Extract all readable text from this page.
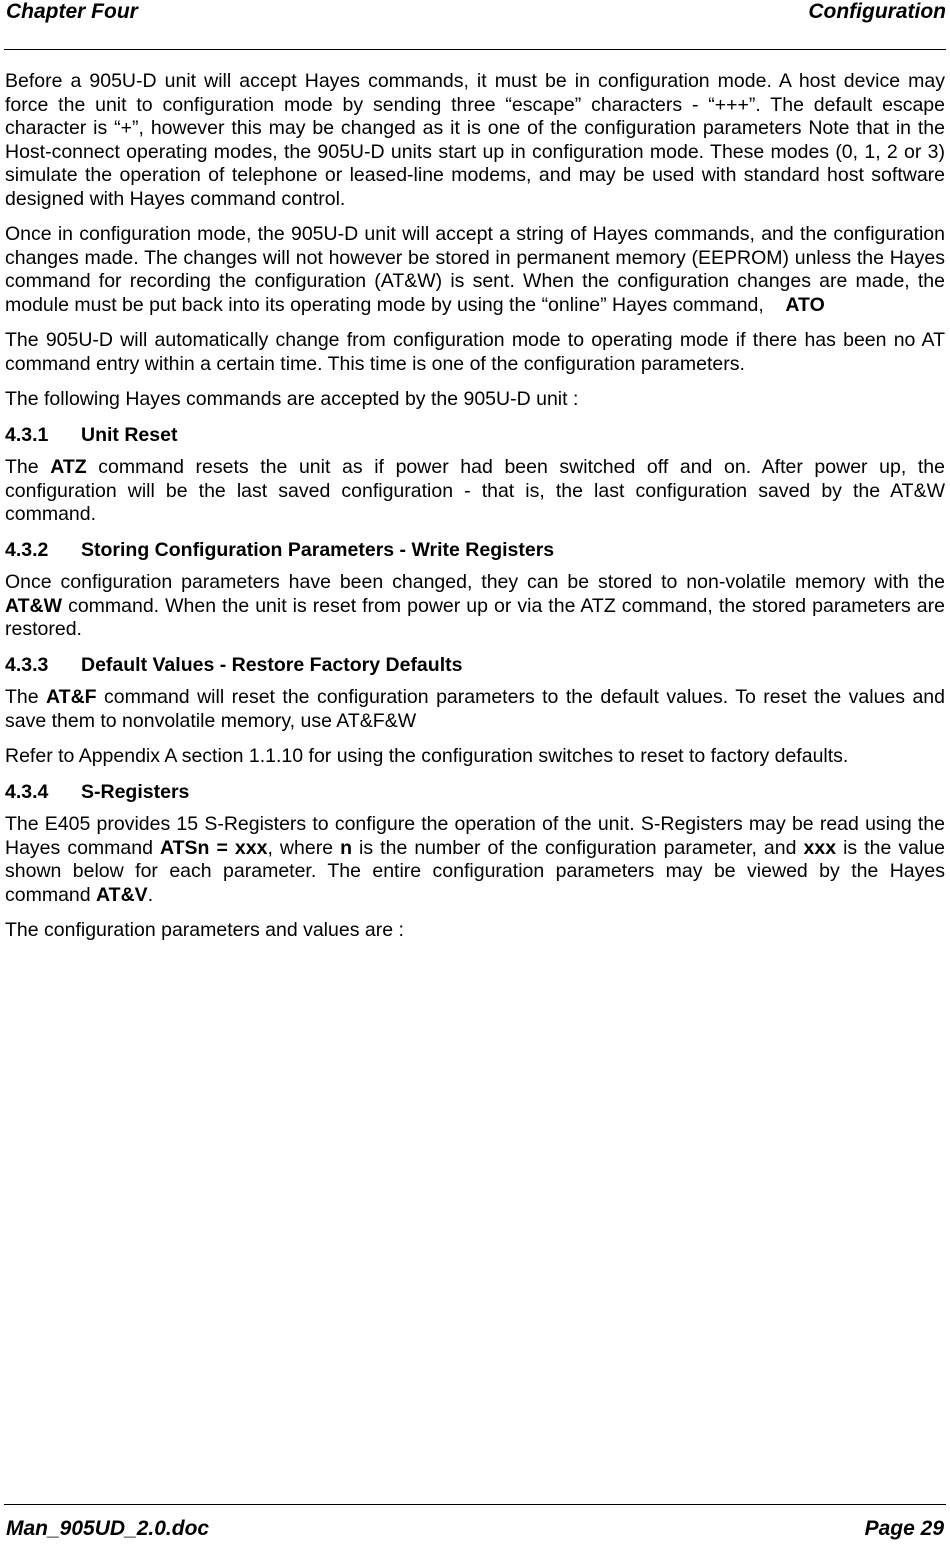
Chapter Four	Configuration

Before a 905U-D unit will accept Hayes commands, it must be in configuration mode. A host device may force the unit to configuration mode by sending three “escape” characters - “+++”. The default escape character is “+”, however this may be changed as it is one of the configuration parameters Note that in the Host-connect operating modes, the 905U-D units start up in configuration mode. These modes (0, 1, 2 or 3) simulate the operation of telephone or leased-line modems, and may be used with standard host software designed with Hayes command control.

Once in configuration mode, the 905U-D unit will accept a string of Hayes commands, and the configuration changes made. The changes will not however be stored in permanent memory (EEPROM) unless the Hayes command for recording the configuration (AT&W) is sent. When the configuration changes are made, the module must be put back into its operating mode by using the “online” Hayes command, ATO

The 905U-D will automatically change from configuration mode to operating mode if there has been no AT command entry within a certain time. This time is one of the configuration parameters.

The following Hayes commands are accepted by the 905U-D unit :

4.3.1 Unit Reset

The ATZ command resets the unit as if power had been switched off and on. After power up, the configuration will be the last saved configuration - that is, the last configuration saved by the AT&W command.

4.3.2 Storing Configuration Parameters - Write Registers

Once configuration parameters have been changed, they can be stored to non-volatile memory with the AT&W command. When the unit is reset from power up or via the ATZ command, the stored parameters are restored.

4.3.3 Default Values - Restore Factory Defaults

The AT&F command will reset the configuration parameters to the default values. To reset the values and save them to nonvolatile memory, use AT&F&W

Refer to Appendix A section 1.1.10 for using the configuration switches to reset to factory defaults.

4.3.4 S-Registers

The E405 provides 15 S-Registers to configure the operation of the unit. S-Registers may be read using the Hayes command ATSn = xxx, where n is the number of the configuration parameter, and xxx is the value shown below for each parameter. The entire configuration parameters may be viewed by the Hayes command AT&V.

The configuration parameters and values are :

Man_905UD_2.0.doc	Page 29
